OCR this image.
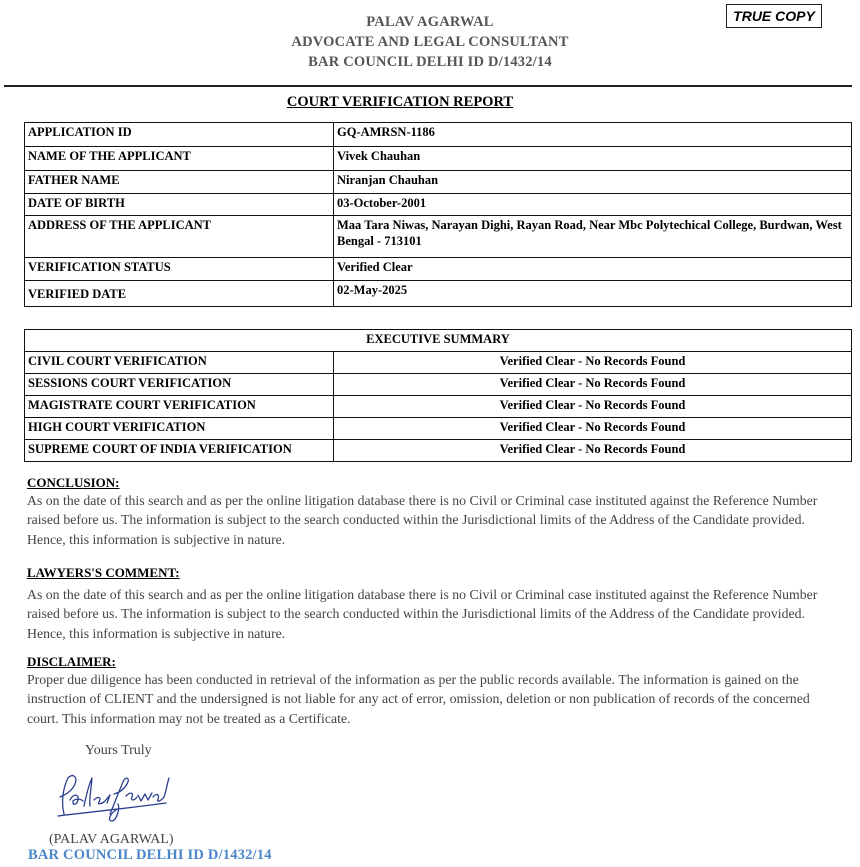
PALAV AGARWAL
ADVOCATE AND LEGAL CONSULTANT
BAR COUNCIL DELHI ID D/1432/14
TRUE COPY
COURT VERIFICATION REPORT
APPLICATION ID	GQ-AMRSN-1186
NAME OF THE APPLICANT	Vivek Chauhan
FATHER NAME	Niranjan Chauhan
DATE OF BIRTH	03-October-2001
ADDRESS OF THE APPLICANT	Maa Tara Niwas, Narayan Dighi, Rayan Road, Near Mbc Polytechical College, Burdwan, West Bengal - 713101
VERIFICATION STATUS	Verified Clear
VERIFIED DATE	02-May-2025
EXECUTIVE SUMMARY	
CIVIL COURT VERIFICATION	Verified Clear - No Records Found
SESSIONS COURT VERIFICATION	Verified Clear - No Records Found
MAGISTRATE COURT VERIFICATION	Verified Clear - No Records Found
HIGH COURT VERIFICATION	Verified Clear - No Records Found
SUPREME COURT OF INDIA VERIFICATION	Verified Clear - No Records Found
CONCLUSION:
As on the date of this search and as per the online litigation database there is no Civil or Criminal case instituted against the Reference Number raised before us. The information is subject to the search conducted within the Jurisdictional limits of the Address of the Candidate provided. Hence, this information is subjective in nature.
LAWYERS'S COMMENT:
As on the date of this search and as per the online litigation database there is no Civil or Criminal case instituted against the Reference Number raised before us. The information is subject to the search conducted within the Jurisdictional limits of the Address of the Candidate provided. Hence, this information is subjective in nature.
DISCLAIMER:
Proper due diligence has been conducted in retrieval of the information as per the public records available. The information is gained on the instruction of CLIENT and the undersigned is not liable for any act of error, omission, deletion or non publication of records of the concerned court. This information may not be treated as a Certificate.
Yours Truly
(PALAV AGARWAL)
BAR COUNCIL DELHI ID D/1432/14
